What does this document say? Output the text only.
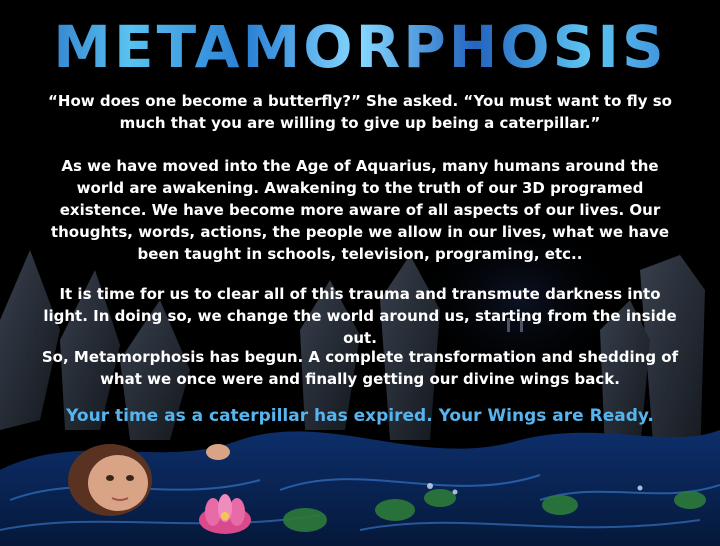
METAMORPHOSIS
“How does one become a butterfly?” She asked. “You must want to fly so much that you are willing to give up being a caterpillar.”
As we have moved into the Age of Aquarius, many humans around the world are awakening. Awakening to the truth of our 3D programed existence. We have become more aware of all aspects of our lives. Our thoughts, words, actions, the people we allow in our lives, what we have been taught in schools, television, programing, etc..
It is time for us to clear all of this trauma and transmute darkness into light. In doing so, we change the world around us, starting from the inside out.
So, Metamorphosis has begun. A complete transformation and shedding of what we once were and finally getting our divine wings back.
Your time as a caterpillar has expired. Your Wings are Ready.
